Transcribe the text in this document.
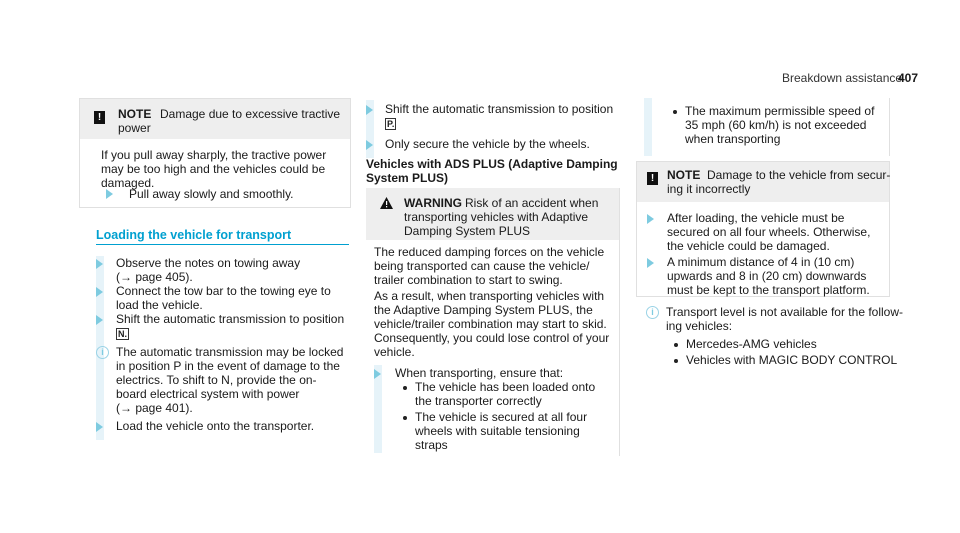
Breakdown assistance
407
!	NOTE Damage due to excessive tractive
power
If you pull away sharply, the tractive power
may be too high and the vehicles could be
damaged.
Pull away slowly and smoothly.
Loading the vehicle for transport
Observe the notes on towing away
(→ page 405).
Connect the tow bar to the towing eye to
load the vehicle.
Shift the automatic transmission to position
N.
i	The automatic transmission may be locked
in position P in the event of damage to the
electrics. To shift to N, provide the on-
board electrical system with power
(→ page 401).
Load the vehicle onto the transporter.
Shift the automatic transmission to position
P.
Only secure the vehicle by the wheels.
Vehicles with ADS PLUS (Adaptive Damping
System PLUS)
WARNING Risk of an accident when
transporting vehicles with Adaptive
Damping System PLUS
The reduced damping forces on the vehicle
being transported can cause the vehicle/
trailer combination to start to swing.
As a result, when transporting vehicles with
the Adaptive Damping System PLUS, the
vehicle/trailer combination may start to skid.
Consequently, you could lose control of your
vehicle.
When transporting, ensure that:
The vehicle has been loaded onto
the transporter correctly
The vehicle is secured at all four
wheels with suitable tensioning
straps
The maximum permissible speed of
35 mph (60 km/h) is not exceeded
when transporting
!	NOTE Damage to the vehicle from secur-
ing it incorrectly
After loading, the vehicle must be
secured on all four wheels. Otherwise,
the vehicle could be damaged.
A minimum distance of 4 in (10 cm)
upwards and 8 in (20 cm) downwards
must be kept to the transport platform.
i	Transport level is not available for the follow-
ing vehicles:
Mercedes-AMG vehicles
Vehicles with MAGIC BODY CONTROL
